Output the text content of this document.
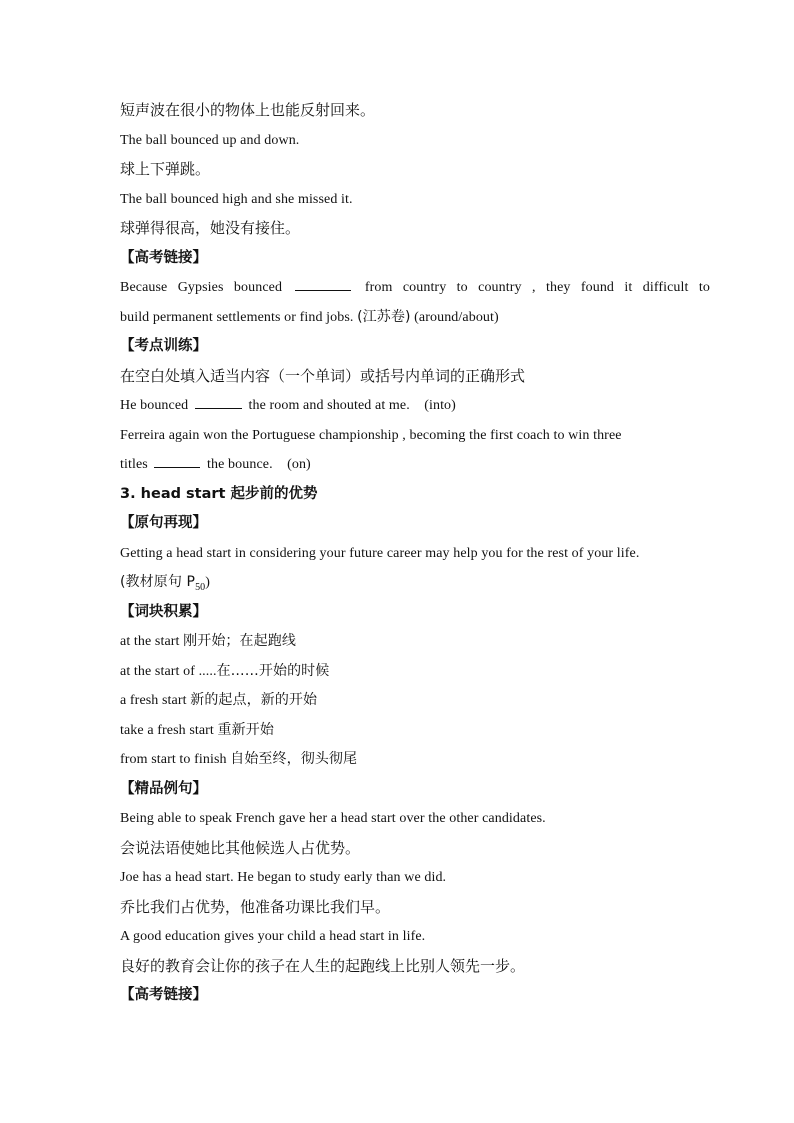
短声波在很小的物体上也能反射回来。
The ball bounced up and down.
球上下弹跳。
The ball bounced high and she missed it.
球弹得很高，她没有接住。
【高考链接】
Because Gypsies bounced	from country to country , they found it difficult to
build permanent settlements or find jobs. (江苏卷) (around/about)
【考点训练】
在空白处填入适当内容（一个单词）或括号内单词的正确形式
He bounced	the room and shouted at me. (into)
Ferreira again won the Portuguese championship , becoming the first coach to win three
titles	the bounce. (on)
3. head start 起步前的优势
【原句再现】
Getting a head start in considering your future career may help you for the rest of your life.
(教材原句 $P_{50}$)
【词块积累】
at the start 刚开始；在起跑线
at the start of .....在……开始的时候
a fresh start 新的起点，新的开始
take a fresh start 重新开始
from start to finish 自始至终，彻头彻尾
【精品例句】
Being able to speak French gave her a head start over the other candidates.
会说法语使她比其他候选人占优势。
Joe has a head start. He began to study early than we did.
乔比我们占优势，他准备功课比我们早。
A good education gives your child a head start in life.
良好的教育会让你的孩子在人生的起跑线上比别人领先一步。
【高考链接】
